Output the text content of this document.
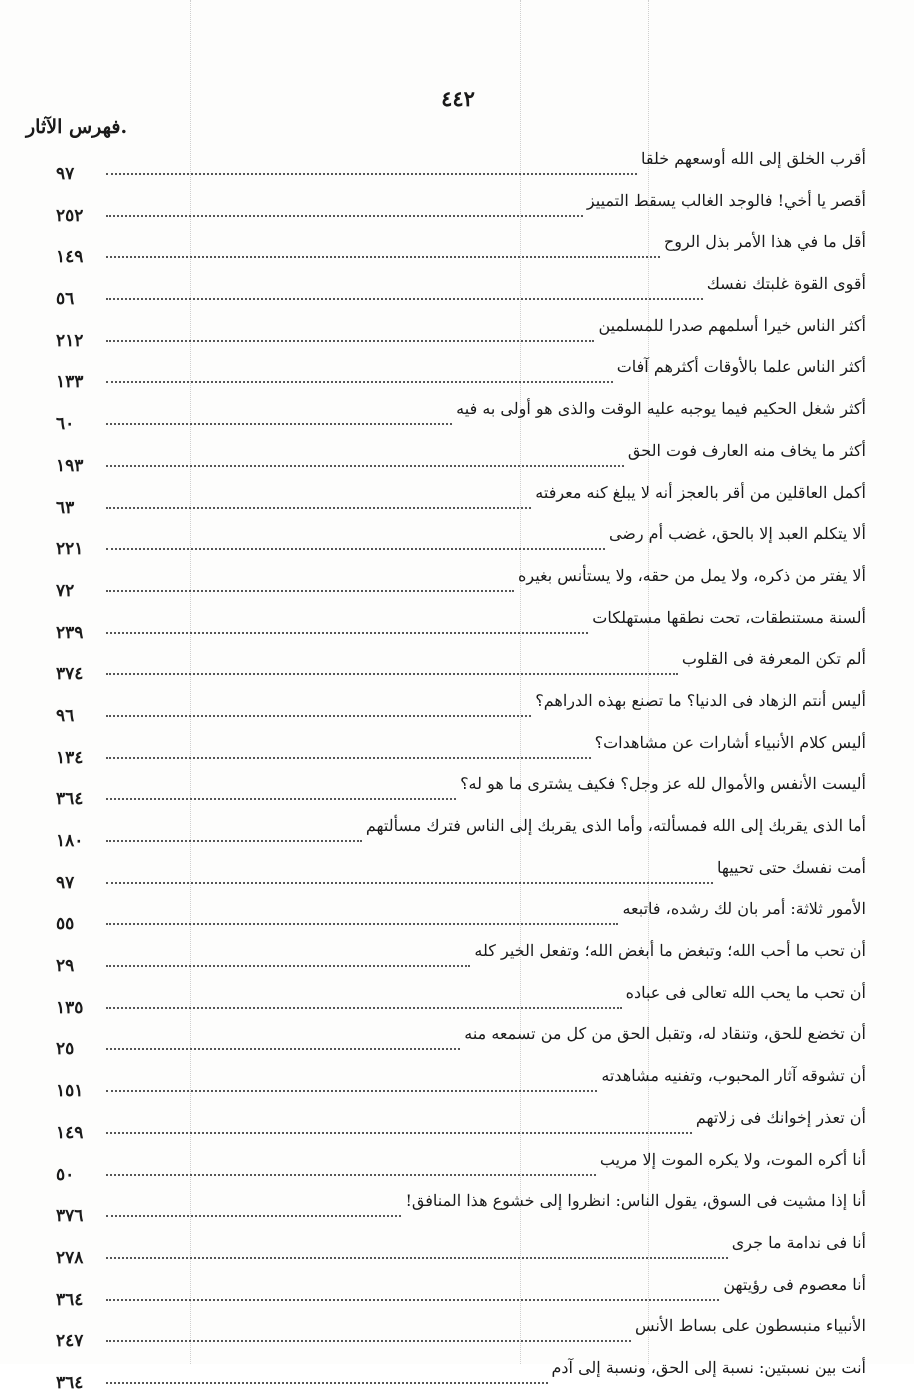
٤٤٢
.فهرس الآثار
أقرب الخلق إلى الله أوسعهم خلقا
٩٧
أقصر يا أخي! فالوجد الغالب يسقط التمييز
٢٥٢
أقل ما في هذا الأمر بذل الروح
١٤٩
أقوى القوة غلبتك نفسك
٥٦
أكثر الناس خيرا أسلمهم صدرا للمسلمين
٢١٢
أكثر الناس علما بالأوقات أكثرهم آفات
١٣٣
أكثر شغل الحكيم فيما يوجبه عليه الوقت والذى هو أولى به فيه
٦٠
أكثر ما يخاف منه العارف فوت الحق
١٩٣
أكمل العاقلين من أقر بالعجز أنه لا يبلغ كنه معرفته
٦٣
ألا يتكلم العبد إلا بالحق، غضب أم رضى
٢٢١
ألا يفتر من ذكره، ولا يمل من حقه، ولا يستأنس بغيره
٧٢
ألسنة مستنطقات، تحت نطقها مستهلكات
٢٣٩
ألم تكن المعرفة فى القلوب
٣٧٤
أليس أنتم الزهاد فى الدنيا؟ ما تصنع بهذه الدراهم؟
٩٦
أليس كلام الأنبياء أشارات عن مشاهدات؟
١٣٤
أليست الأنفس والأموال لله عز وجل؟ فكيف يشترى ما هو له؟
٣٦٤
أما الذى يقربك إلى الله فمسألته، وأما الذى يقربك إلى الناس فترك مسألتهم
١٨٠
أمت نفسك حتى تحييها
٩٧
الأمور ثلاثة: أمر بان لك رشده، فاتبعه
٥٥
أن تحب ما أحب الله؛ وتبغض ما أبغض الله؛ وتفعل الخير كله
٢٩
أن تحب ما يحب الله تعالى فى عباده
١٣٥
أن تخضع للحق، وتنقاد له، وتقبل الحق من كل من تسمعه منه
٢٥
أن تشوقه آثار المحبوب، وتفنيه مشاهدته
١٥١
أن تعذر إخوانك فى زلاتهم
١٤٩
أنا أكره الموت، ولا يكره الموت إلا مريب
٥٠
أنا إذا مشيت فى السوق، يقول الناس: انظروا إلى خشوع هذا المنافق!
٣٧٦
أنا فى ندامة ما جرى
٢٧٨
أنا معصوم فى رؤيتهن
٣٦٤
الأنبياء منبسطون على بساط الأنس
٢٤٧
أنت بين نسبتين: نسبة إلى الحق، ونسبة إلى آدم
٣٦٤
